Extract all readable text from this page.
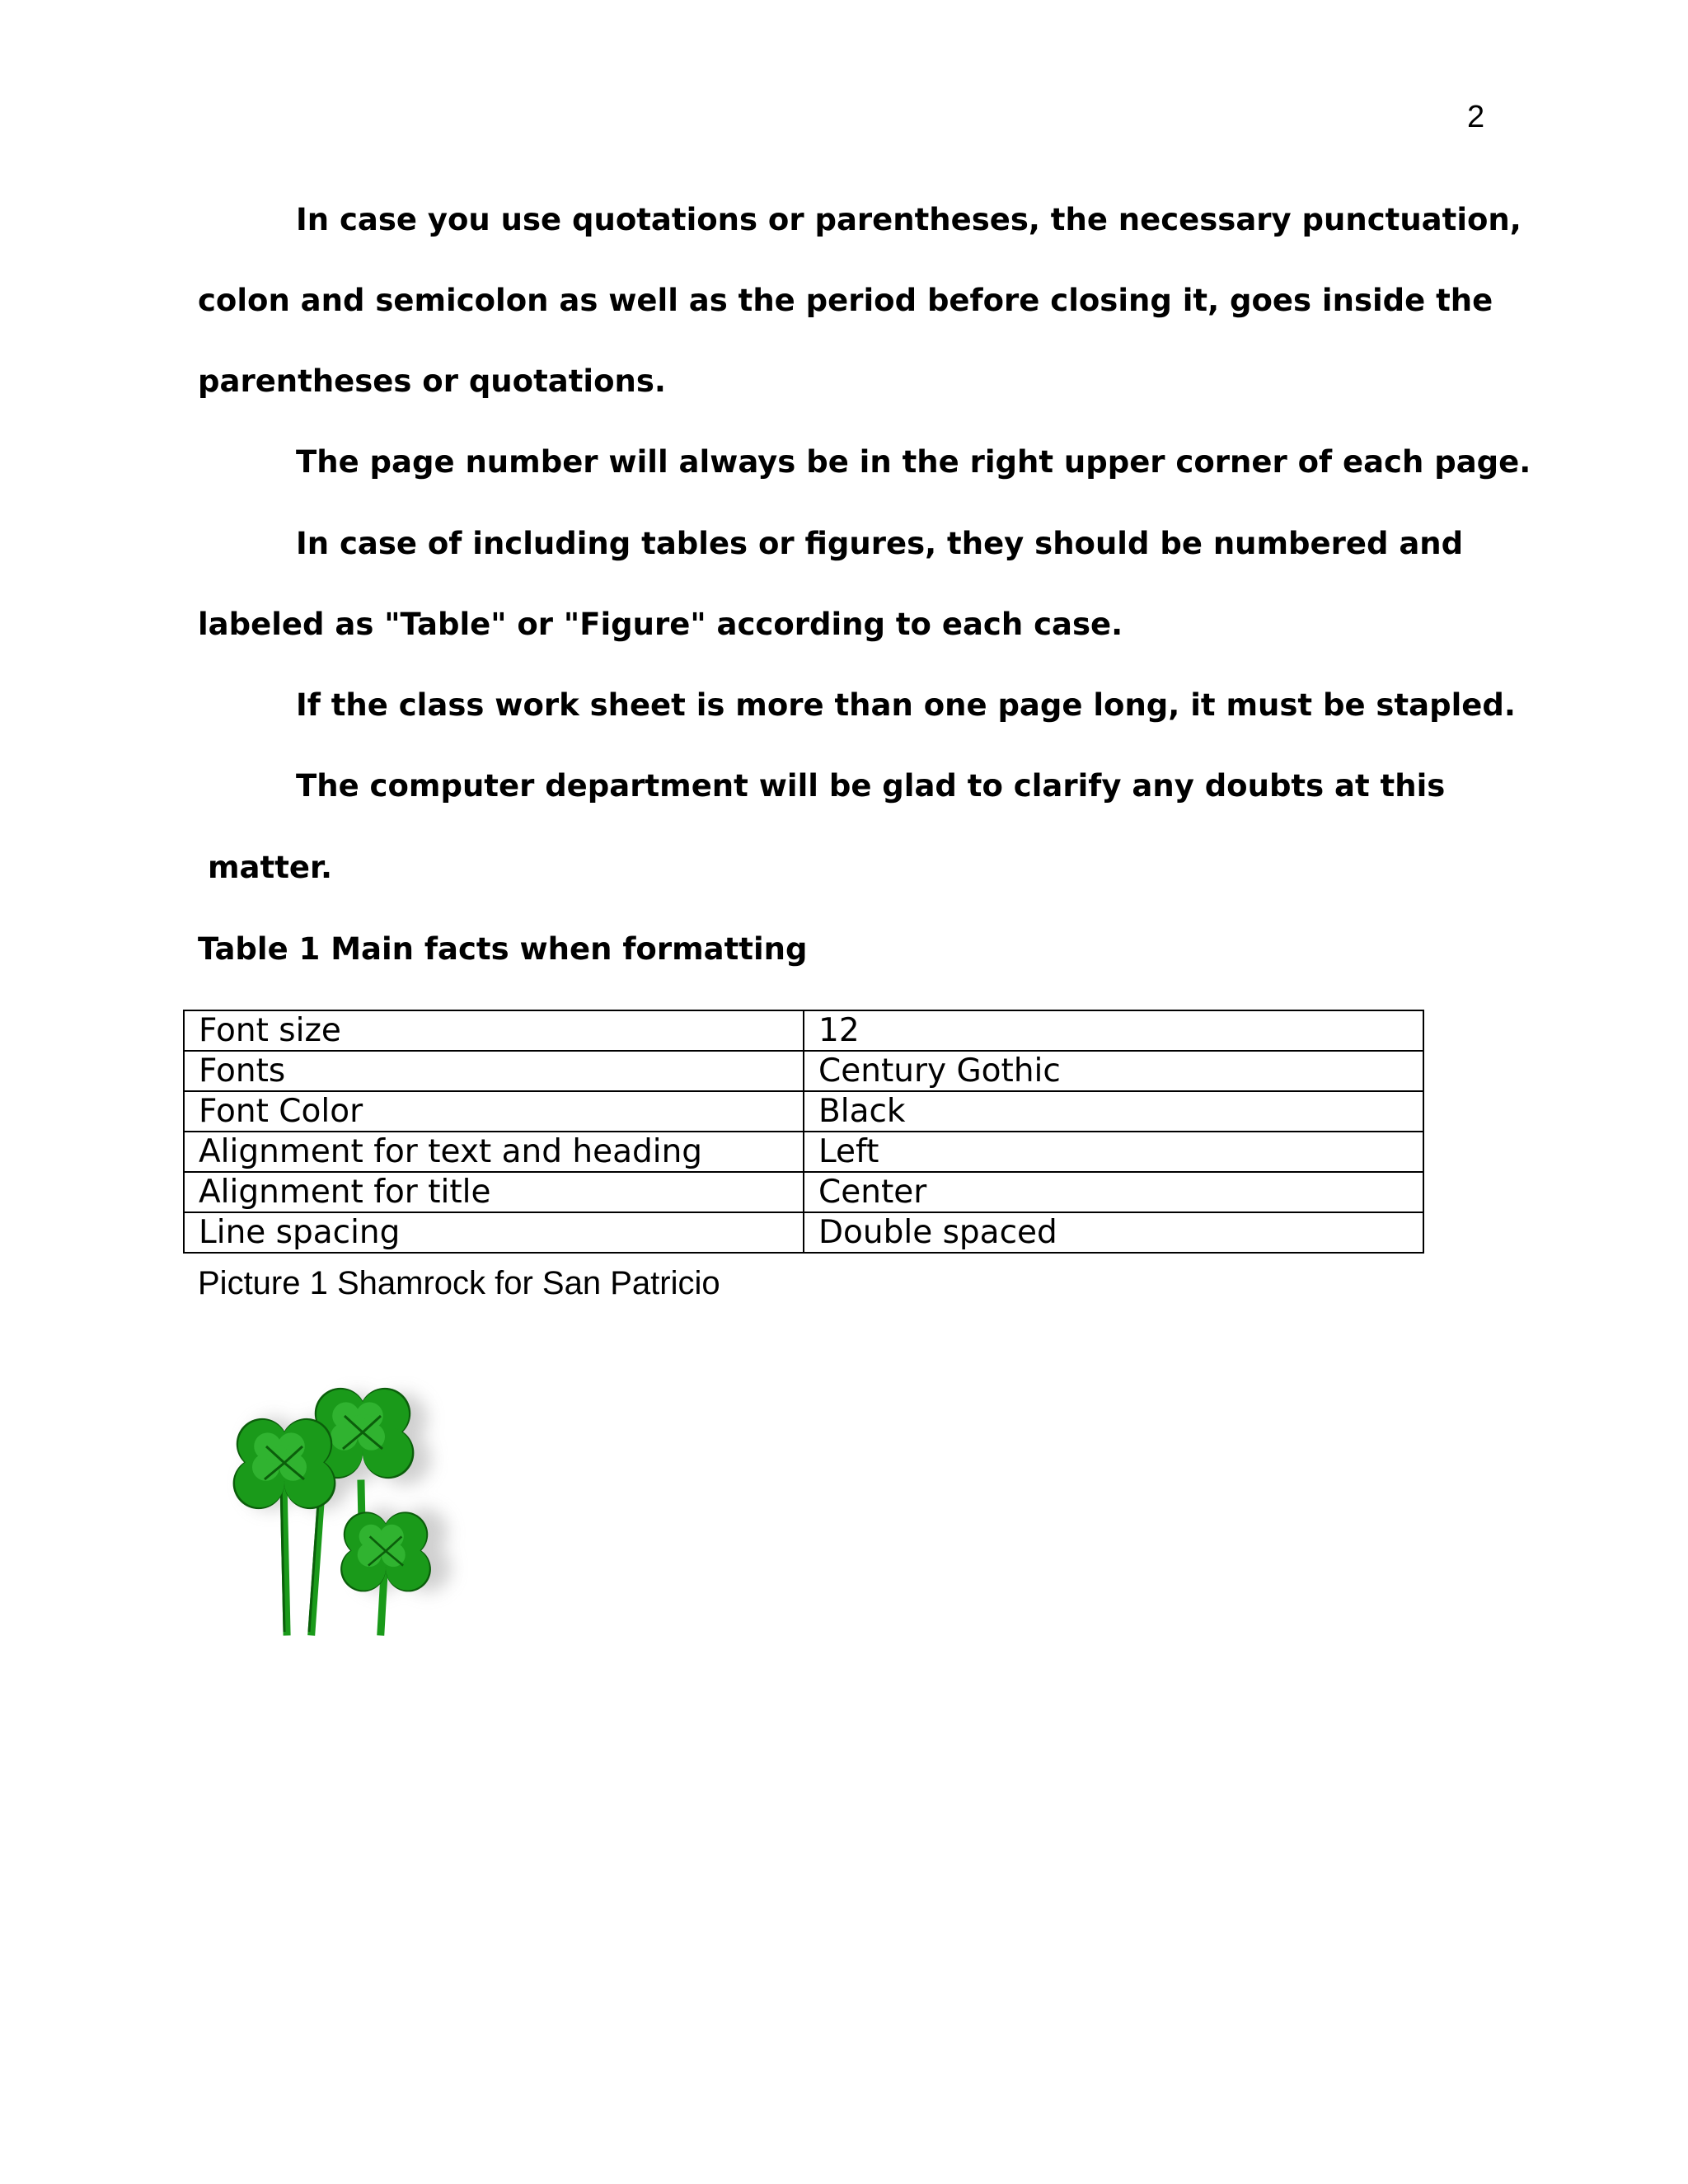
2

In case you use quotations or parentheses, the necessary punctuation,

colon and semicolon as well as the period before closing it, goes inside the

parentheses or quotations.

The page number will always be in the right upper corner of each page.

In case of including tables or figures, they should be numbered and

labeled as "Table" or "Figure" according to each case.

If the class work sheet is more than one page long, it must be stapled.

The computer department will be glad to clarify any doubts at this

matter.

Table 1 Main facts when formatting
Font size	12
Fonts	Century Gothic
Font Color	Black
Alignment for text and heading	Left
Alignment for title	Center
Line spacing	Double spaced
Picture 1 Shamrock for San Patricio
